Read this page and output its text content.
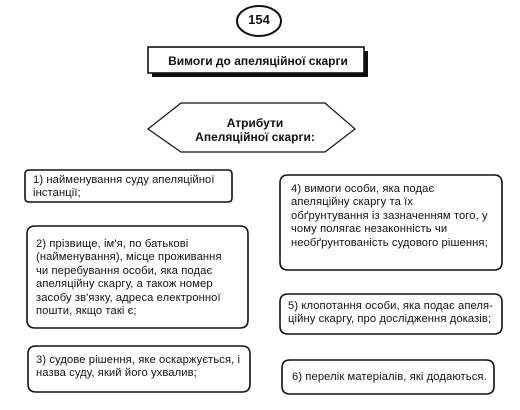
154
Вимоги до апеляційної скарги
Атрибути
Апеляційної скарги:
1) найменування суду апеляційної
інстанції;
2) прізвище, ім'я, по батькові
(найменування), місце проживання
чи перебування особи, яка подає
апеляційну скаргу, а також номер
засобу зв'язку, адреса електронної
пошти, якщо такі є;
3) судове рішення, яке оскаржується, і
назва суду, який його ухвалив;
4) вимоги особи, яка подає
апеляційну скаргу та їх
обґрунтування із зазначенням того, у
чому полягає незаконність чи
необґрунтованість судового рішення;
5) клопотання особи, яка подає апеля-
ційну скаргу, про дослідження доказів;
6) перелік матеріалів, які додаються.
